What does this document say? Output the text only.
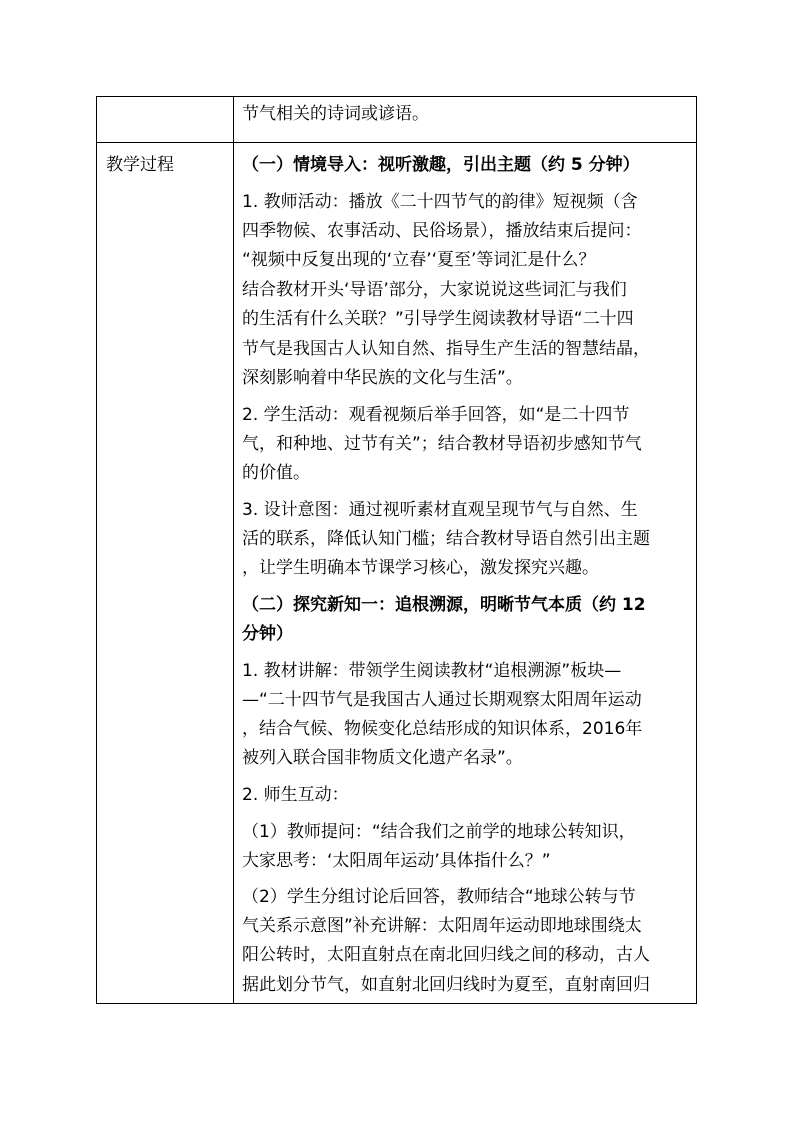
节气相关的诗词或谚语。
教学过程	（一）情境导入：视听激趣，引出主题（约 5 分钟）
1. 教师活动：播放《二十四节气的韵律》短视频（含
四季物候、农事活动、民俗场景），播放结束后提问：
“视频中反复出现的‘立春’‘夏至’等词汇是什么？
结合教材开头‘导语’部分，大家说说这些词汇与我们
的生活有什么关联？”引导学生阅读教材导语“二十四
节气是我国古人认知自然、指导生产生活的智慧结晶，
深刻影响着中华民族的文化与生活”。
2. 学生活动：观看视频后举手回答，如“是二十四节
气，和种地、过节有关”；结合教材导语初步感知节气
的价值。
3. 设计意图：通过视听素材直观呈现节气与自然、生
活的联系，降低认知门槛；结合教材导语自然引出主题
，让学生明确本节课学习核心，激发探究兴趣。
（二）探究新知一：追根溯源，明晰节气本质（约 12
分钟）
1. 教材讲解：带领学生阅读教材“追根溯源”板块—
—“二十四节气是我国古人通过长期观察太阳周年运动
，结合气候、物候变化总结形成的知识体系，2016年
被列入联合国非物质文化遗产名录”。
2. 师生互动：
（1）教师提问：“结合我们之前学的地球公转知识，
大家思考：‘太阳周年运动’具体指什么？”
（2）学生分组讨论后回答，教师结合“地球公转与节
气关系示意图”补充讲解：太阳周年运动即地球围绕太
阳公转时，太阳直射点在南北回归线之间的移动，古人
据此划分节气，如直射北回归线时为夏至，直射南回归
